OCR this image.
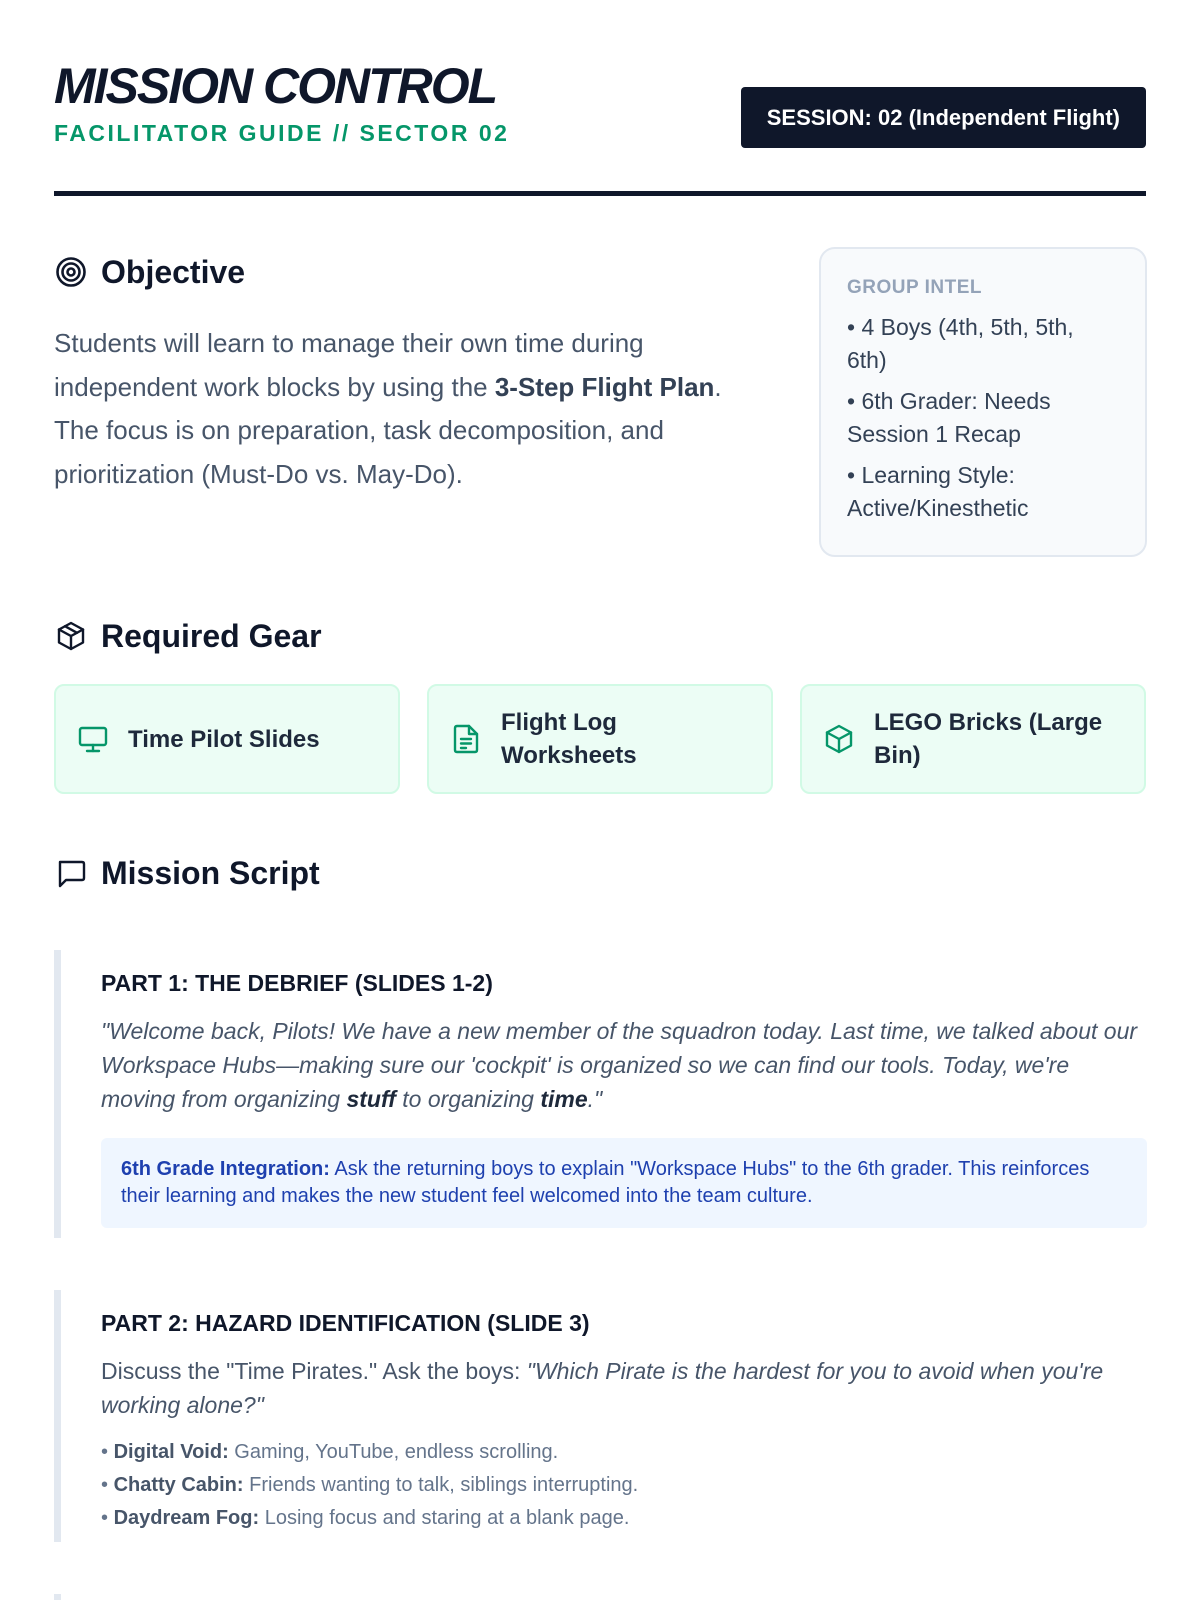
MISSION CONTROL
FACILITATOR GUIDE // SECTOR 02
SESSION: 02 (Independent Flight)
Objective

Students will learn to manage their own time during independent work blocks by using the 3-Step Flight Plan. The focus is on preparation, task decomposition, and prioritization (Must-Do vs. May-Do).

GROUP INTEL
• 4 Boys (4th, 5th, 5th, 6th)
• 6th Grader: Needs Session 1 Recap
• Learning Style: Active/Kinesthetic
Required Gear
Time Pilot Slides
Flight Log Worksheets
LEGO Bricks (Large Bin)
Mission Script
PART 1: THE DEBRIEF (SLIDES 1-2)

"Welcome back, Pilots! We have a new member of the squadron today. Last time, we talked about our Workspace Hubs—making sure our 'cockpit' is organized so we can find our tools. Today, we're moving from organizing stuff to organizing time."

6th Grade Integration: Ask the returning boys to explain "Workspace Hubs" to the 6th grader. This reinforces their learning and makes the new student feel welcomed into the team culture.
PART 2: HAZARD IDENTIFICATION (SLIDE 3)

Discuss the "Time Pirates." Ask the boys: "Which Pirate is the hardest for you to avoid when you're working alone?"

• Digital Void: Gaming, YouTube, endless scrolling.
• Chatty Cabin: Friends wanting to talk, siblings interrupting.
• Daydream Fog: Losing focus and staring at a blank page.
